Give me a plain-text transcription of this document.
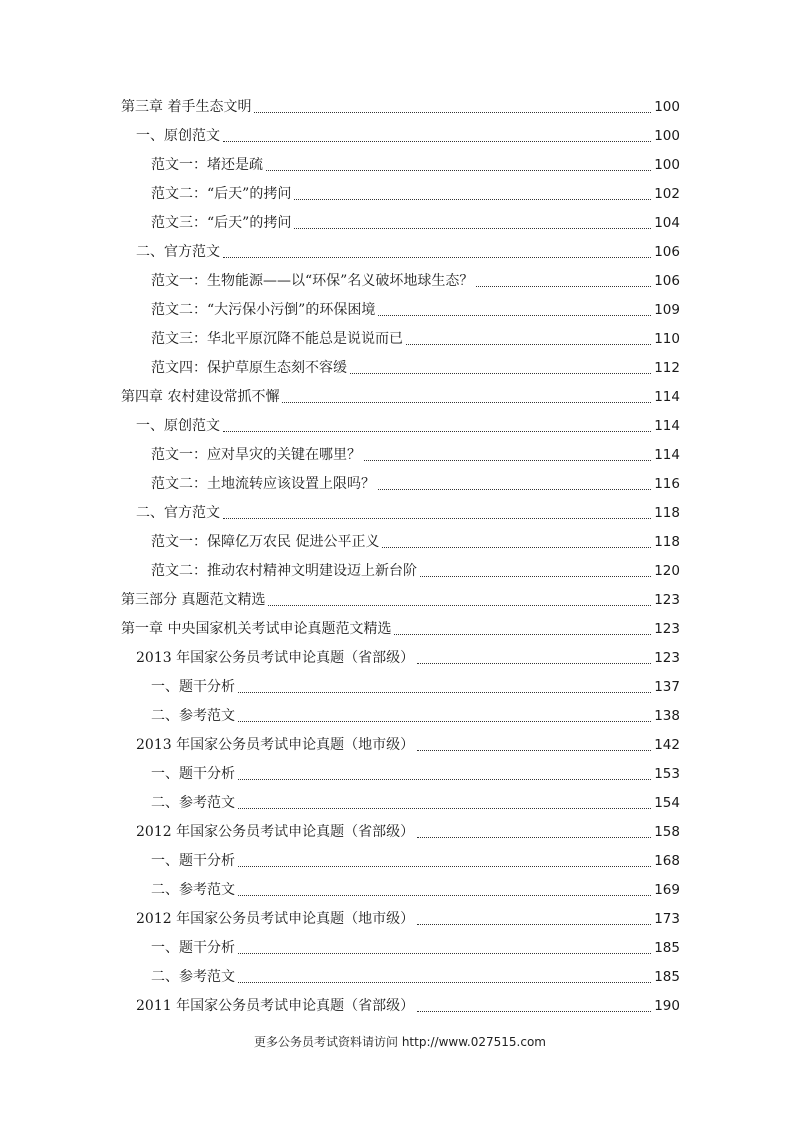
第三章 着手生态文明	100
一、原创范文	100
范文一：堵还是疏	100
范文二：“后天”的拷问	102
范文三：“后天”的拷问	104
二、官方范文	106
范文一：生物能源——以“环保”名义破坏地球生态？	106
范文二：“大污保小污倒”的环保困境	109
范文三：华北平原沉降不能总是说说而已	110
范文四：保护草原生态刻不容缓	112
第四章 农村建设常抓不懈	114
一、原创范文	114
范文一：应对旱灾的关键在哪里？	114
范文二：土地流转应该设置上限吗？	116
二、官方范文	118
范文一：保障亿万农民 促进公平正义	118
范文二：推动农村精神文明建设迈上新台阶	120
第三部分 真题范文精选	123
第一章 中央国家机关考试申论真题范文精选	123
2013 年国家公务员考试申论真题（省部级）	123
一、题干分析	137
二、参考范文	138
2013 年国家公务员考试申论真题（地市级）	142
一、题干分析	153
二、参考范文	154
2012 年国家公务员考试申论真题（省部级）	158
一、题干分析	168
二、参考范文	169
2012 年国家公务员考试申论真题（地市级）	173
一、题干分析	185
二、参考范文	185
2011 年国家公务员考试申论真题（省部级）	190
更多公务员考试资料请访问 http://www.027515.com
